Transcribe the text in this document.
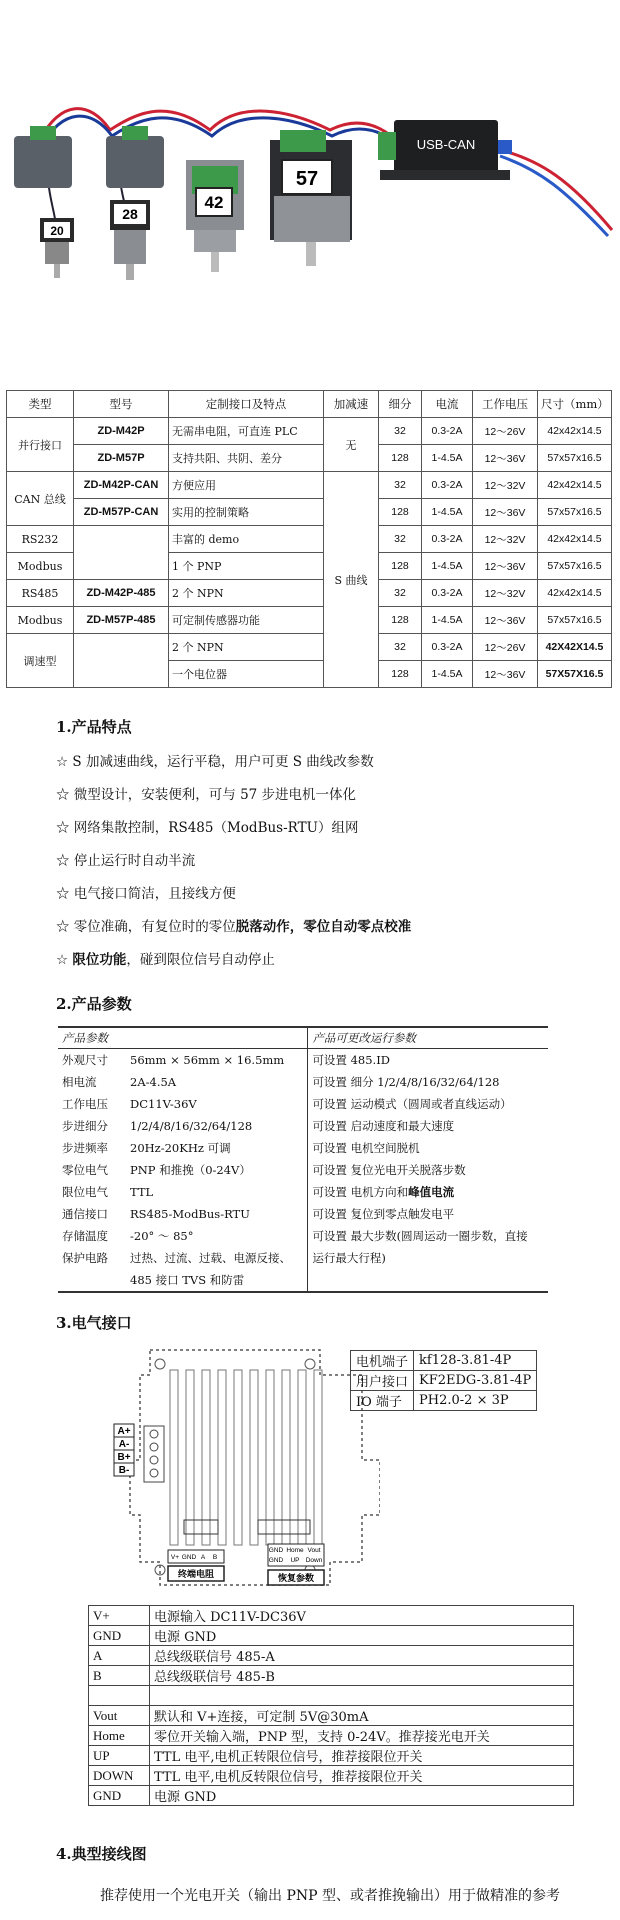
20
28
42
57
USB-CAN
类型	型号	定制接口及特点	加减速	细分	电流	工作电压	尺寸（mm）
并行接口	ZD-M42P	无需串电阻，可直连 PLC	无	32	0.3-2A	12～26V	42x42x14.5
	ZD-M57P	支持共阳、共阴、差分		128	1-4.5A	12～36V	57x57x16.5
CAN 总线	ZD-M42P-CAN	方便应用	S 曲线	32	0.3-2A	12～32V	42x42x14.5
	ZD-M57P-CAN	实用的控制策略		128	1-4.5A	12～36V	57x57x16.5
RS232		丰富的 demo		32	0.3-2A	12～32V	42x42x14.5
Modbus		1 个 PNP		128	1-4.5A	12～36V	57x57x16.5
RS485	ZD-M42P-485	2 个 NPN		32	0.3-2A	12～32V	42x42x14.5
Modbus	ZD-M57P-485	可定制传感器功能		128	1-4.5A	12～36V	57x57x16.5
调速型		2 个 NPN		32	0.3-2A	12～26V	42X42X14.5
		一个电位器		128	1-4.5A	12～36V	57X57X16.5
1.产品特点
☆ S 加减速曲线，运行平稳，用户可更 S 曲线改参数
☆ 微型设计，安装便利，可与 57 步进电机一体化
☆ 网络集散控制，RS485（ModBus-RTU）组网
☆ 停止运行时自动半流
☆ 电气接口简洁，且接线方便
☆ 零位准确，有复位时的零位脱落动作，零位自动零点校准
☆ 限位功能，碰到限位信号自动停止
2.产品参数
产品参数		产品可更改运行参数
外观尺寸	56mm × 56mm × 16.5mm	可设置 485.ID
相电流	2A-4.5A	可设置 细分 1/2/4/8/16/32/64/128
工作电压	DC11V-36V	可设置 运动模式（圆周或者直线运动）
步进细分	1/2/4/8/16/32/64/128	可设置 启动速度和最大速度
步进频率	20Hz-20KHz 可调	可设置 电机空间脱机
零位电气	PNP 和推挽（0-24V）	可设置 复位光电开关脱落步数
限位电气	TTL	可设置 电机方向和峰值电流
通信接口	RS485-ModBus-RTU	可设置 复位到零点触发电平
存储温度	-20° ～ 85°	可设置 最大步数(圆周运动一圈步数，直接
保护电路	过热、过流、过载、电源反接、	运行最大行程)
	485 接口 TVS 和防雷	
3.电气接口
A+
A-
B+
B-
V+ GND A B
GND Home Vout
GND UP Down
终端电阻	恢复参数
电机端子	kf128-3.81-4P
用户接口	KF2EDG-3.81-4P
IO 端子	PH2.0-2 × 3P
V+	电源输入 DC11V-DC36V
GND	电源 GND
A	总线级联信号 485-A
B	总线级联信号 485-B

Vout	默认和 V+连接，可定制 5V@30mA
Home	零位开关输入端，PNP 型，支持 0-24V。推荐接光电开关
UP	TTL 电平,电机正转限位信号，推荐接限位开关
DOWN	TTL 电平,电机反转限位信号，推荐接限位开关
GND	电源 GND
4.典型接线图
推荐使用一个光电开关（输出 PNP 型、或者推挽输出）用于做精准的参考
